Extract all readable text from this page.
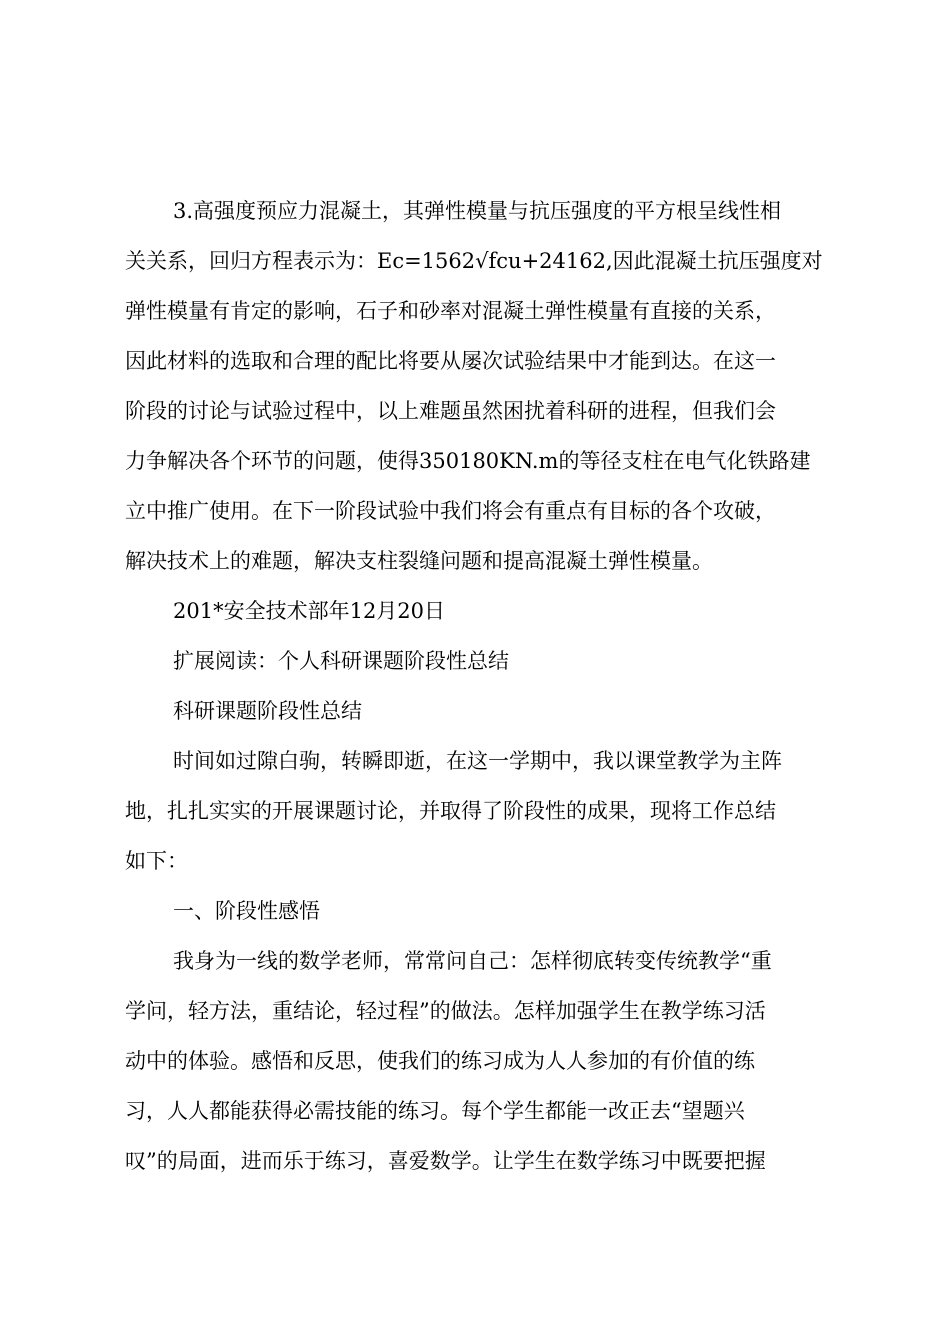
3.高强度预应力混凝土，其弹性模量与抗压强度的平方根呈线性相
关关系，回归方程表示为：Ec=1562√fcu+24162,因此混凝土抗压强度对
弹性模量有肯定的影响，石子和砂率对混凝土弹性模量有直接的关系，
因此材料的选取和合理的配比将要从屡次试验结果中才能到达。在这一
阶段的讨论与试验过程中，以上难题虽然困扰着科研的进程，但我们会
力争解决各个环节的问题，使得350180KN.m的等径支柱在电气化铁路建
立中推广使用。在下一阶段试验中我们将会有重点有目标的各个攻破，
解决技术上的难题，解决支柱裂缝问题和提高混凝土弹性模量。
201*安全技术部年12月20日
扩展阅读：个人科研课题阶段性总结
科研课题阶段性总结
时间如过隙白驹，转瞬即逝，在这一学期中，我以课堂教学为主阵
地，扎扎实实的开展课题讨论，并取得了阶段性的成果，现将工作总结
如下：
一、阶段性感悟
我身为一线的数学老师，常常问自己：怎样彻底转变传统教学“重
学问，轻方法，重结论，轻过程”的做法。怎样加强学生在教学练习活
动中的体验。感悟和反思，使我们的练习成为人人参加的有价值的练
习，人人都能获得必需技能的练习。每个学生都能一改正去“望题兴
叹”的局面，进而乐于练习，喜爱数学。让学生在数学练习中既要把握
